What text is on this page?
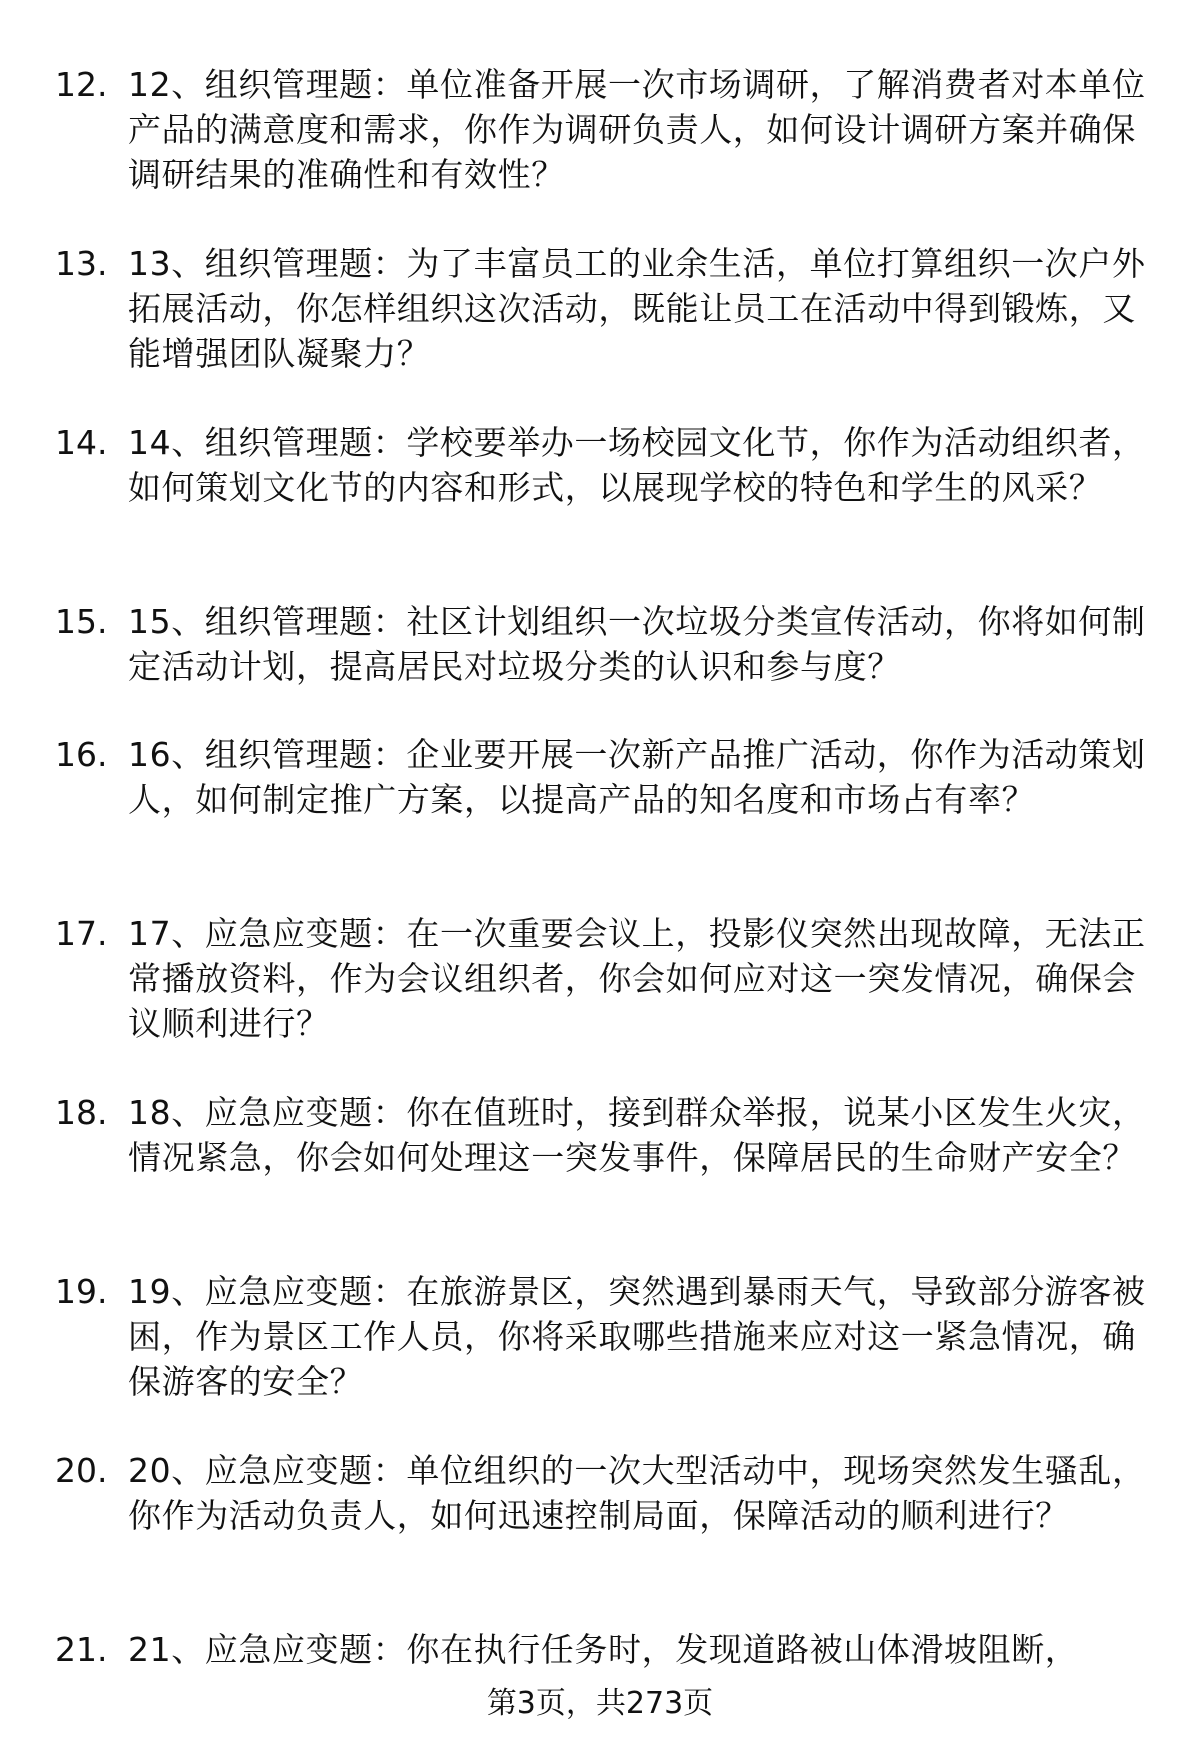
12. 12、组织管理题：单位准备开展一次市场调研，了解消费者对本单位产品的满意度和需求，你作为调研负责人，如何设计调研方案并确保调研结果的准确性和有效性？
13. 13、组织管理题：为了丰富员工的业余生活，单位打算组织一次户外拓展活动，你怎样组织这次活动，既能让员工在活动中得到锻炼，又能增强团队凝聚力？
14. 14、组织管理题：学校要举办一场校园文化节，你作为活动组织者，如何策划文化节的内容和形式，以展现学校的特色和学生的风采？
15. 15、组织管理题：社区计划组织一次垃圾分类宣传活动，你将如何制定活动计划，提高居民对垃圾分类的认识和参与度？
16. 16、组织管理题：企业要开展一次新产品推广活动，你作为活动策划人，如何制定推广方案，以提高产品的知名度和市场占有率？
17. 17、应急应变题：在一次重要会议上，投影仪突然出现故障，无法正常播放资料，作为会议组织者，你会如何应对这一突发情况，确保会议顺利进行？
18. 18、应急应变题：你在值班时，接到群众举报，说某小区发生火灾，情况紧急，你会如何处理这一突发事件，保障居民的生命财产安全？
19. 19、应急应变题：在旅游景区，突然遇到暴雨天气，导致部分游客被困，作为景区工作人员，你将采取哪些措施来应对这一紧急情况，确保游客的安全？
20. 20、应急应变题：单位组织的一次大型活动中，现场突然发生骚乱，你作为活动负责人，如何迅速控制局面，保障活动的顺利进行？
21. 21、应急应变题：你在执行任务时，发现道路被山体滑坡阻断，
第3页，共273页
